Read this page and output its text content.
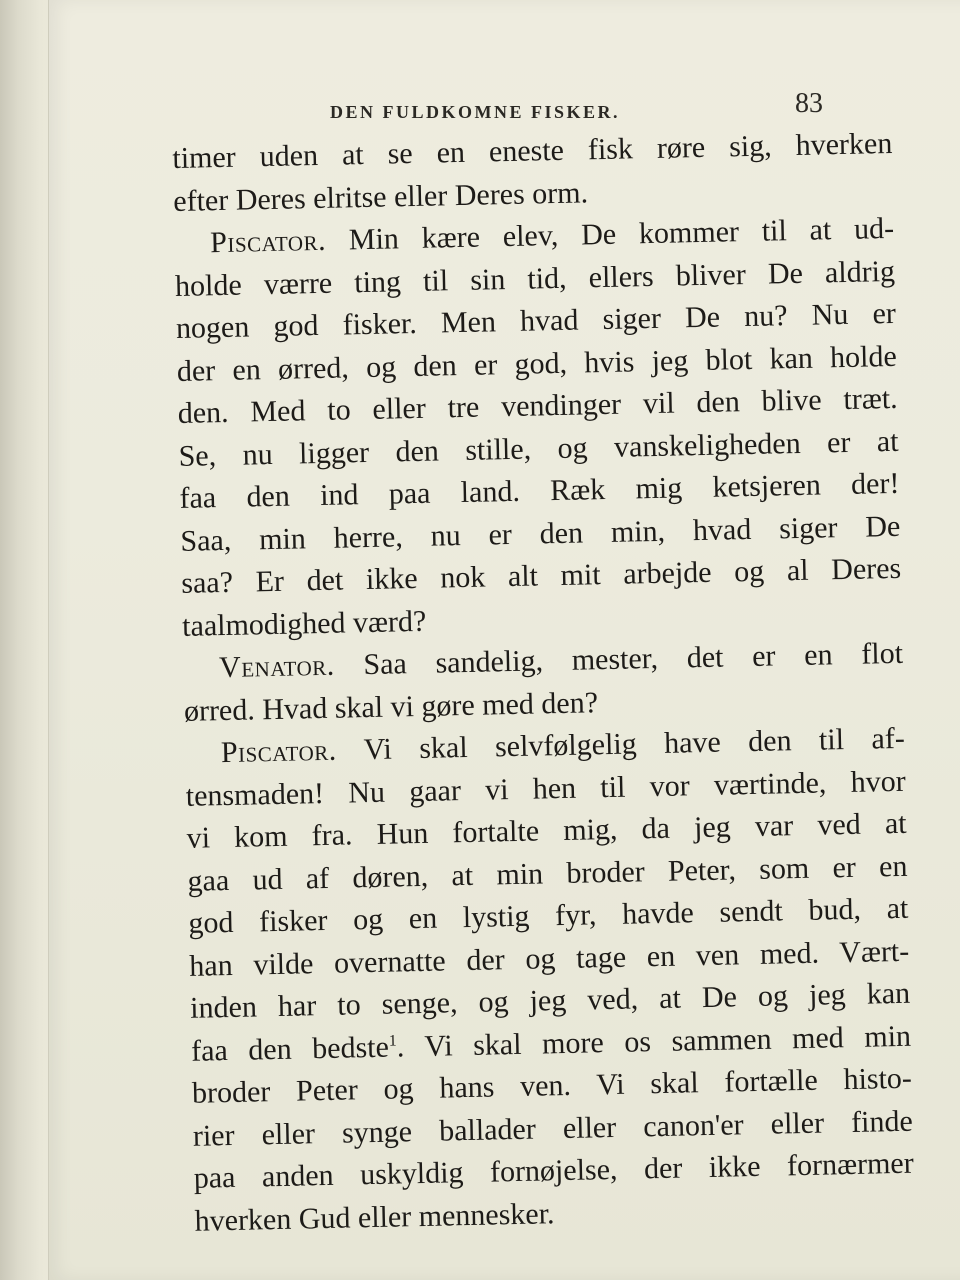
DEN FULDKOMNE FISKER.	83
timer uden at se en eneste fisk røre sig, hverken
efter Deres elritse eller Deres orm.
Piscator. Min kære elev, De kommer til at ud-
holde værre ting til sin tid, ellers bliver De aldrig
nogen god fisker. Men hvad siger De nu? Nu er
der en ørred, og den er god, hvis jeg blot kan holde
den. Med to eller tre vendinger vil den blive træt.
Se, nu ligger den stille, og vanskeligheden er at
faa den ind paa land. Ræk mig ketsjeren der!
Saa, min herre, nu er den min, hvad siger De
saa? Er det ikke nok alt mit arbejde og al Deres
taalmodighed værd?
Venator. Saa sandelig, mester, det er en flot
ørred. Hvad skal vi gøre med den?
Piscator. Vi skal selvfølgelig have den til af-
tensmaden! Nu gaar vi hen til vor værtinde, hvor
vi kom fra. Hun fortalte mig, da jeg var ved at
gaa ud af døren, at min broder Peter, som er en
god fisker og en lystig fyr, havde sendt bud, at
han vilde overnatte der og tage en ven med. Vært-
inden har to senge, og jeg ved, at De og jeg kan
faa den bedste$^1$. Vi skal more os sammen med min
broder Peter og hans ven. Vi skal fortælle histo-
rier eller synge ballader eller canon'er eller finde
paa anden uskyldig fornøjelse, der ikke fornærmer
hverken Gud eller mennesker.
